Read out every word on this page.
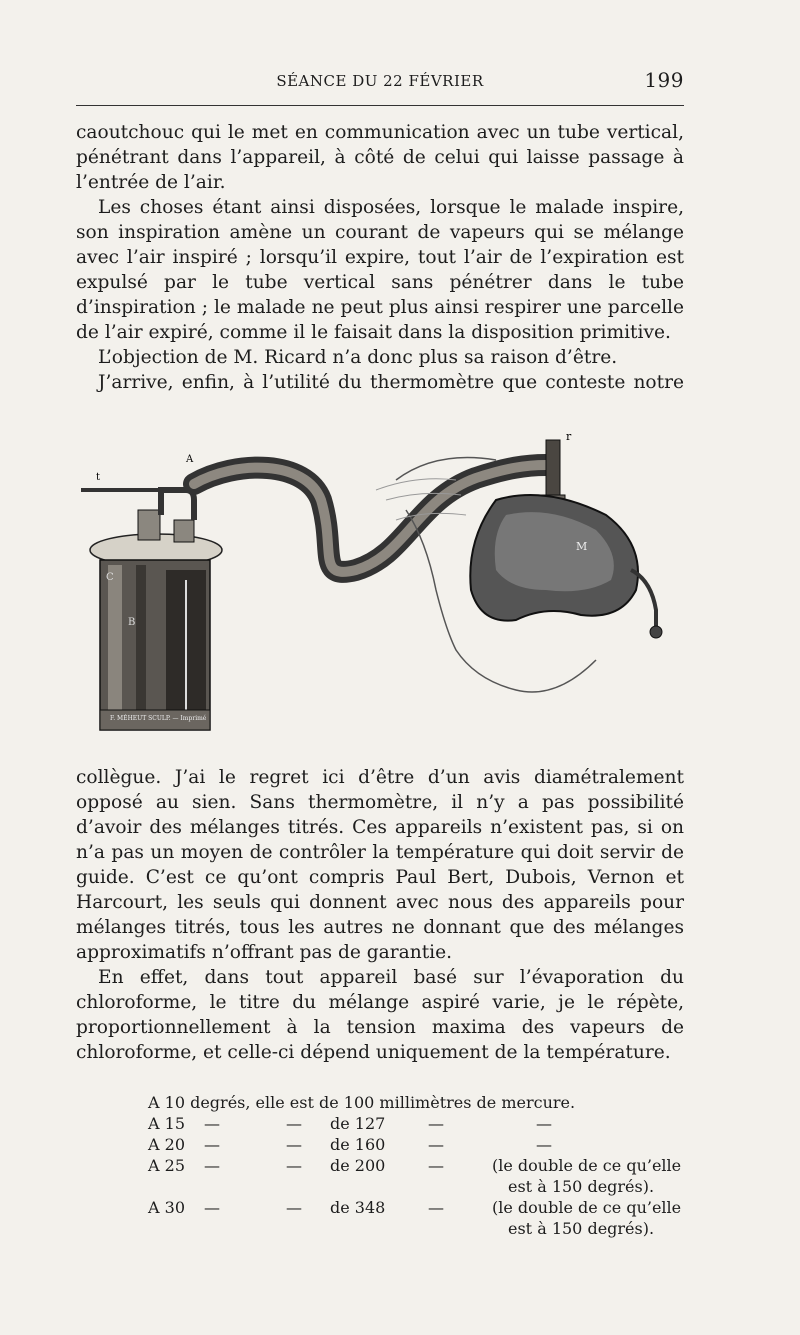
SÉANCE DU 22 FÉVRIER	199

caoutchouc qui le met en communication avec un tube vertical, pénétrant dans l’appareil, à côté de celui qui laisse passage à l’entrée de l’air.

Les choses étant ainsi disposées, lorsque le malade inspire, son inspiration amène un courant de vapeurs qui se mélange avec l’air inspiré ; lorsqu’il expire, tout l’air de l’expiration est expulsé par le tube vertical sans pénétrer dans le tube d’inspiration ; le malade ne peut plus ainsi respirer une parcelle de l’air expiré, comme il le faisait dans la disposition primitive.

L’objection de M. Ricard n’a donc plus sa raison d’être.

J’arrive, enfin, à l’utilité du thermomètre que conteste notre

A
B
C
M
r
t
F. MÉHEUT SCULP. — Imprimé

collègue. J’ai le regret ici d’être d’un avis diamétralement opposé au sien. Sans thermomètre, il n’y a pas possibilité d’avoir des mélanges titrés. Ces appareils n’existent pas, si on n’a pas un moyen de contrôler la température qui doit servir de guide. C’est ce qu’ont compris Paul Bert, Dubois, Vernon et Harcourt, les seuls qui donnent avec nous des appareils pour mélanges titrés, tous les autres ne donnant que des mélanges approximatifs n’offrant pas de garantie.

En effet, dans tout appareil basé sur l’évaporation du chloroforme, le titre du mélange aspiré varie, je le répète, proportionnellement à la tension maxima des vapeurs de chloroforme, et celle-ci dépend uniquement de la température.

A 10 degrés, elle est de 100 millimètres de mercure.
A 15 —	— de 127	—	—
A 20 —	— de 160	—	—
A 25 —	— de 200	—	(le double de ce qu’elle
est à 150 degrés).
A 30 —	— de 348	—	(le double de ce qu’elle
est à 150 degrés).
